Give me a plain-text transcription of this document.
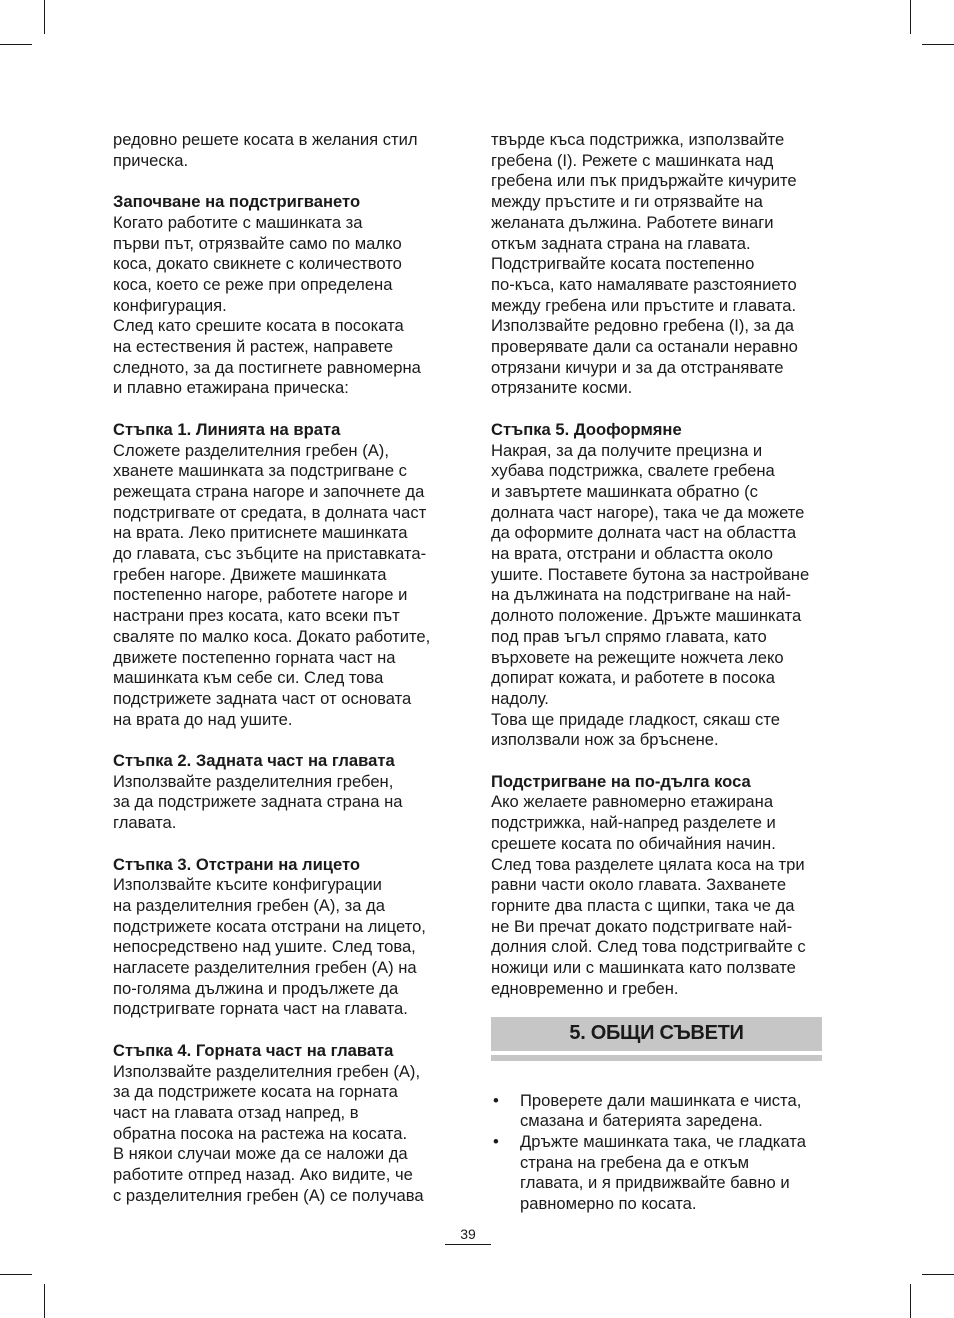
редовно решете косата в желания стил
прическа.
Започване на подстригването
Когато работите с машинката за
първи път, отрязвайте само по малко
коса, докато свикнете с количеството
коса, което се реже при определена
конфигурация.
След като срешите косата в посоката
на естествения й растеж, направете
следното, за да постигнете равномерна
и плавно етажирана прическа:
Стъпка 1. Линията на врата
Сложете разделителния гребен (A),
хванете машинката за подстригване с
режещата страна нагоре и започнете да
подстригвате от средата, в долната част
на врата. Леко притиснете машинката
до главата, със зъбците на приставката-
гребен нагоре. Движете машинката
постепенно нагоре, работете нагоре и
настрани през косата, като всеки път
сваляте по малко коса. Докато работите,
движете постепенно горната част на
машинката към себе си. След това
подстрижете задната част от основата
на врата до над ушите.
Стъпка 2. Задната част на главата
Използвайте разделителния гребен,
за да подстрижете задната страна на
главата.
Стъпка 3. Отстрани на лицето
Използвайте късите конфигурации
на разделителния гребен (A), за да
подстрижете косата отстрани на лицето,
непосредствено над ушите. След това,
нагласете разделителния гребен (A) на
по-голяма дължина и продължете да
подстригвате горната част на главата.
Стъпка 4. Горната част на главата
Използвайте разделителния гребен (A),
за да подстрижете косата на горната
част на главата отзад напред, в
обратна посока на растежа на косата.
В някои случаи може да се наложи да
работите отпред назад. Ако видите, че
с разделителния гребен (A) се получава
твърде къса подстрижка, използвайте
гребена (I). Режете с машинката над
гребена или пък придържайте кичурите
между пръстите и ги отрязвайте на
желаната дължина. Работете винаги
откъм задната страна на главата.
Подстригвайте косата постепенно
по-къса, като намалявате разстоянието
между гребена или пръстите и главата.
Използвайте редовно гребена (I), за да
проверявате дали са останали неравно
отрязани кичури и за да отстранявате
отрязаните косми.
Стъпка 5. Дооформяне
Накрая, за да получите прецизна и
хубава подстрижка, свалете гребена
и завъртете машинката обратно (с
долната част нагоре), така че да можете
да оформите долната част на областта
на врата, отстрани и областта около
ушите. Поставете бутона за настройване
на дължината на подстригване на най-
долното положение. Дръжте машинката
под прав ъгъл спрямо главата, като
върховете на режещите ножчета леко
допират кожата, и работете в посока
надолу.
Това ще придаде гладкост, сякаш сте
използвали нож за бръснене.
Подстригване на по-дълга коса
Ако желаете равномерно етажирана
подстрижка, най-напред разделете и
срешете косата по обичайния начин.
След това разделете цялата коса на три
равни части около главата. Захванете
горните два пласта с щипки, така че да
не Ви пречат докато подстригвате най-
долния слой. След това подстригвайте с
ножици или с машинката като ползвате
едновременно и гребен.
5. ОБЩИ СЪВЕТИ
• Проверете дали машинката е чиста,
смазана и батерията заредена.
• Дръжте машинката така, че гладката
страна на гребена да е откъм
главата, и я придвижвайте бавно и
равномерно по косата.
39
